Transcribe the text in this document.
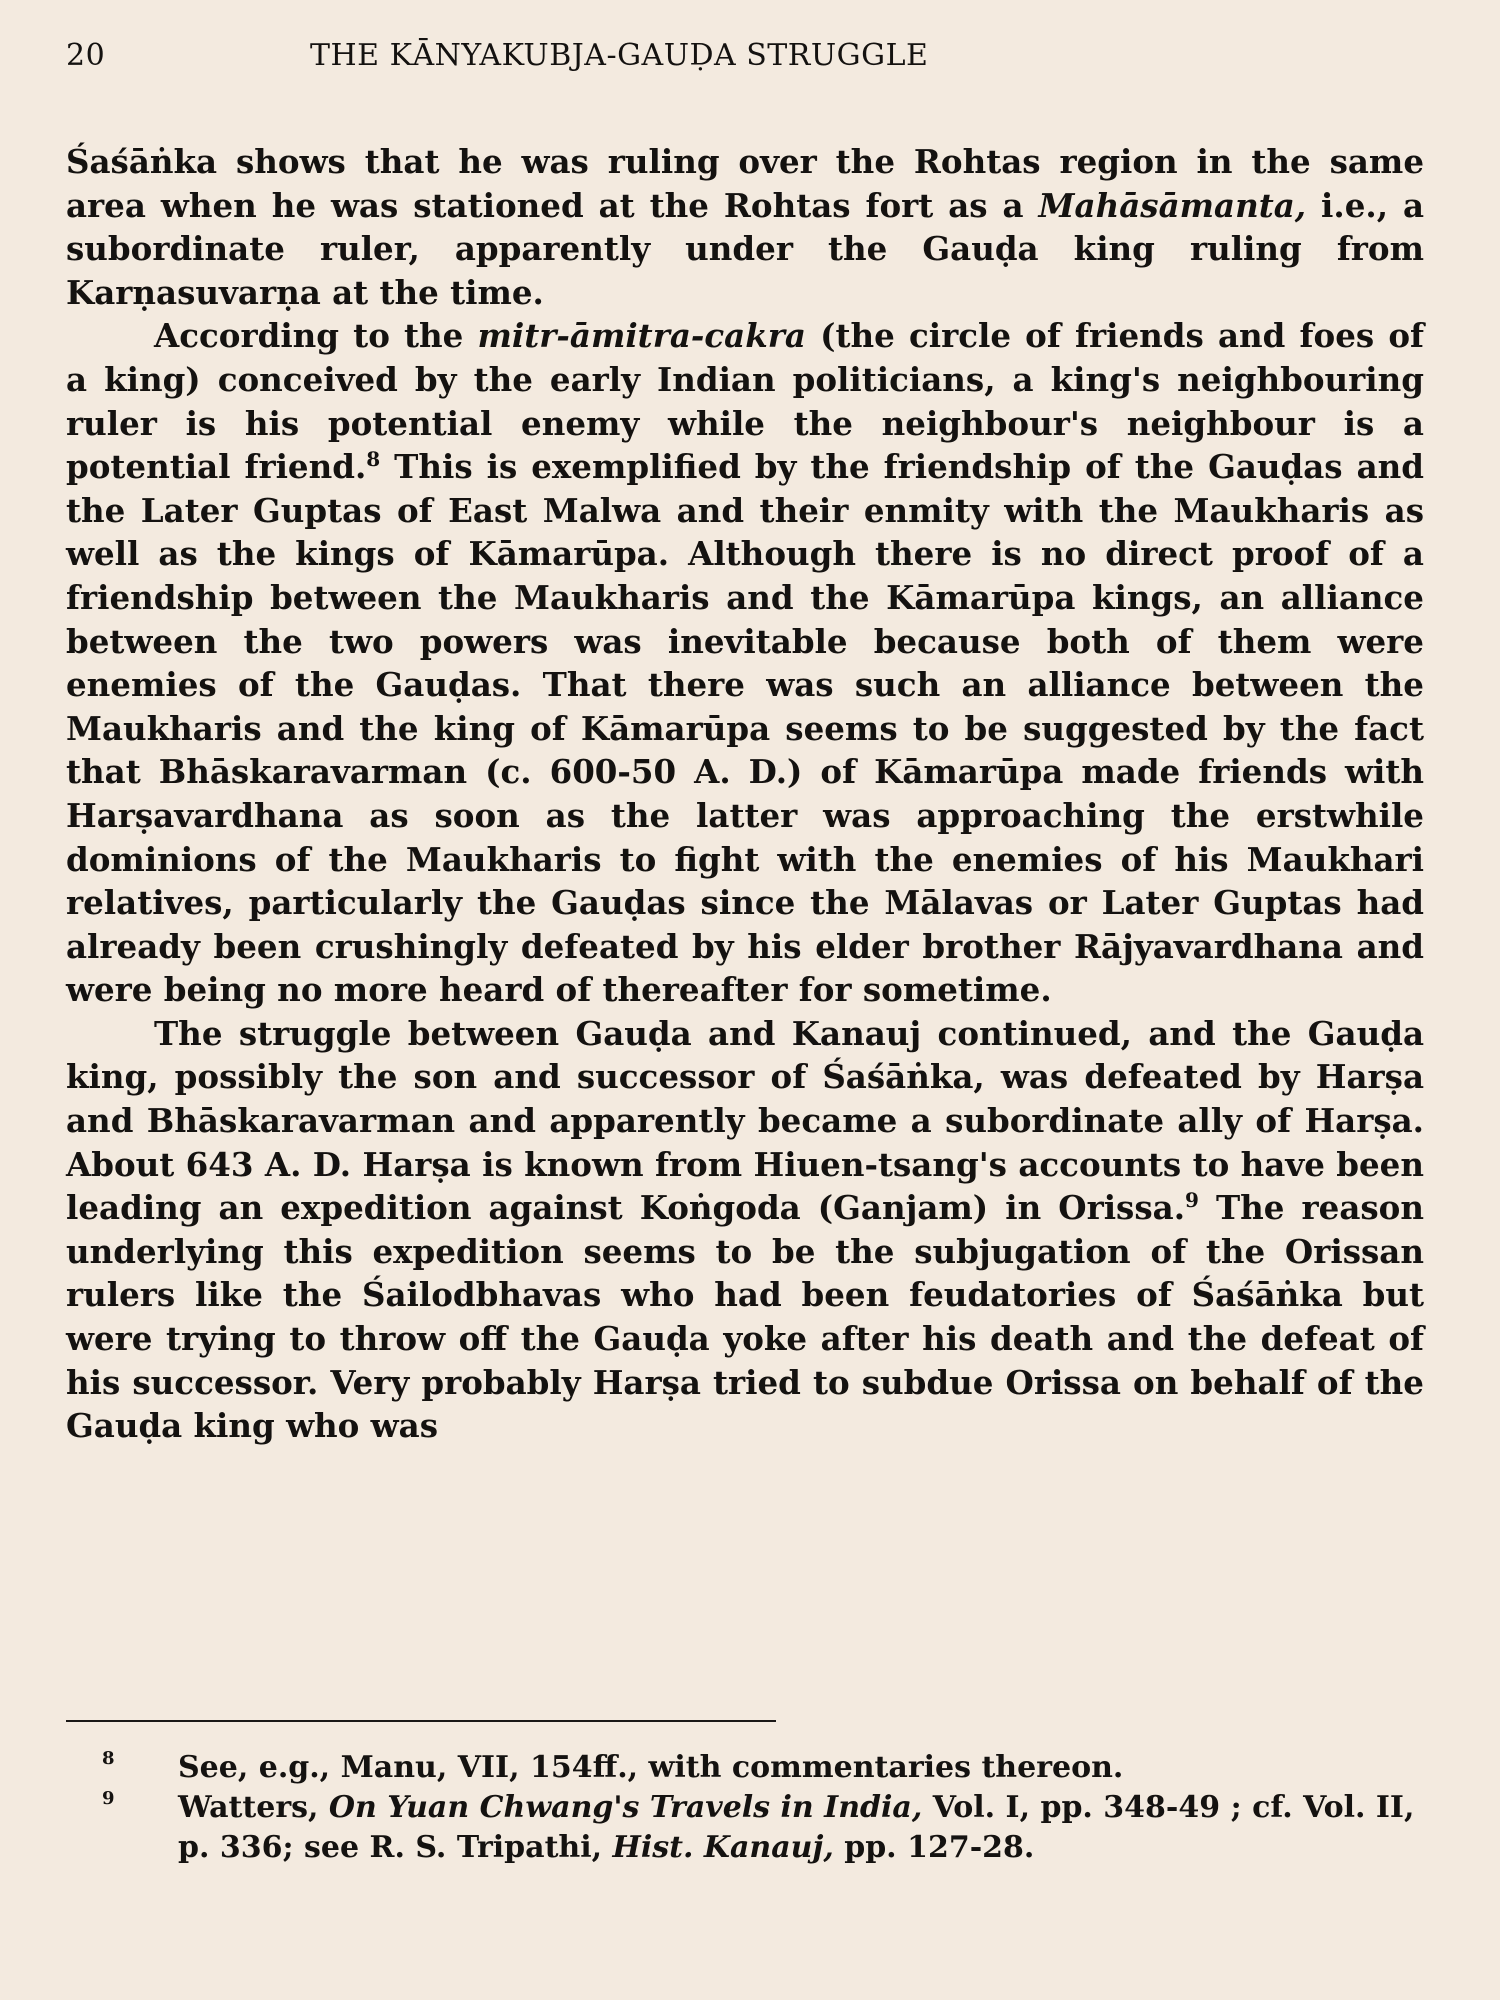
20	THE KĀNYAKUBJA-GAUḌA STRUGGLE

Śaśāṅka shows that he was ruling over the Rohtas region in the same area when he was stationed at the Rohtas fort as a Mahāsāmanta, i.e., a subordinate ruler, apparently under the Gauḍa king ruling from Karṇasuvarṇa at the time.

According to the mitr-āmitra-cakra (the circle of friends and foes of a king) conceived by the early Indian politicians, a king's neighbouring ruler is his potential enemy while the neighbour's neighbour is a potential friend.$^8$ This is exemplified by the friendship of the Gauḍas and the Later Guptas of East Malwa and their enmity with the Maukharis as well as the kings of Kāmarūpa. Although there is no direct proof of a friendship between the Maukharis and the Kāmarūpa kings, an alliance between the two powers was inevitable because both of them were enemies of the Gauḍas. That there was such an alliance between the Maukharis and the king of Kāmarūpa seems to be suggested by the fact that Bhāskaravarman (c. 600-50 A. D.) of Kāmarūpa made friends with Harṣavardhana as soon as the latter was approaching the erstwhile dominions of the Maukharis to fight with the enemies of his Maukhari relatives, particularly the Gauḍas since the Mālavas or Later Guptas had already been crushingly defeated by his elder brother Rājyavardhana and were being no more heard of thereafter for sometime.

The struggle between Gauḍa and Kanauj continued, and the Gauḍa king, possibly the son and successor of Śaśāṅka, was defeated by Harṣa and Bhāskaravarman and apparently became a subordinate ally of Harṣa. About 643 A. D. Harṣa is known from Hiuen-tsang's accounts to have been leading an expedition against Koṅgoda (Ganjam) in Orissa.$^9$ The reason underlying this expedition seems to be the subjugation of the Orissan rulers like the Śailodbhavas who had been feudatories of Śaśāṅka but were trying to throw off the Gauḍa yoke after his death and the defeat of his successor. Very probably Harṣa tried to subdue Orissa on behalf of the Gauḍa king who was

8 See, e.g., Manu, VII, 154ff., with commentaries thereon.

9 Watters, On Yuan Chwang's Travels in India, Vol. I, pp. 348-49 ; cf. Vol. II, p. 336; see R. S. Tripathi, Hist. Kanauj, pp. 127-28.
